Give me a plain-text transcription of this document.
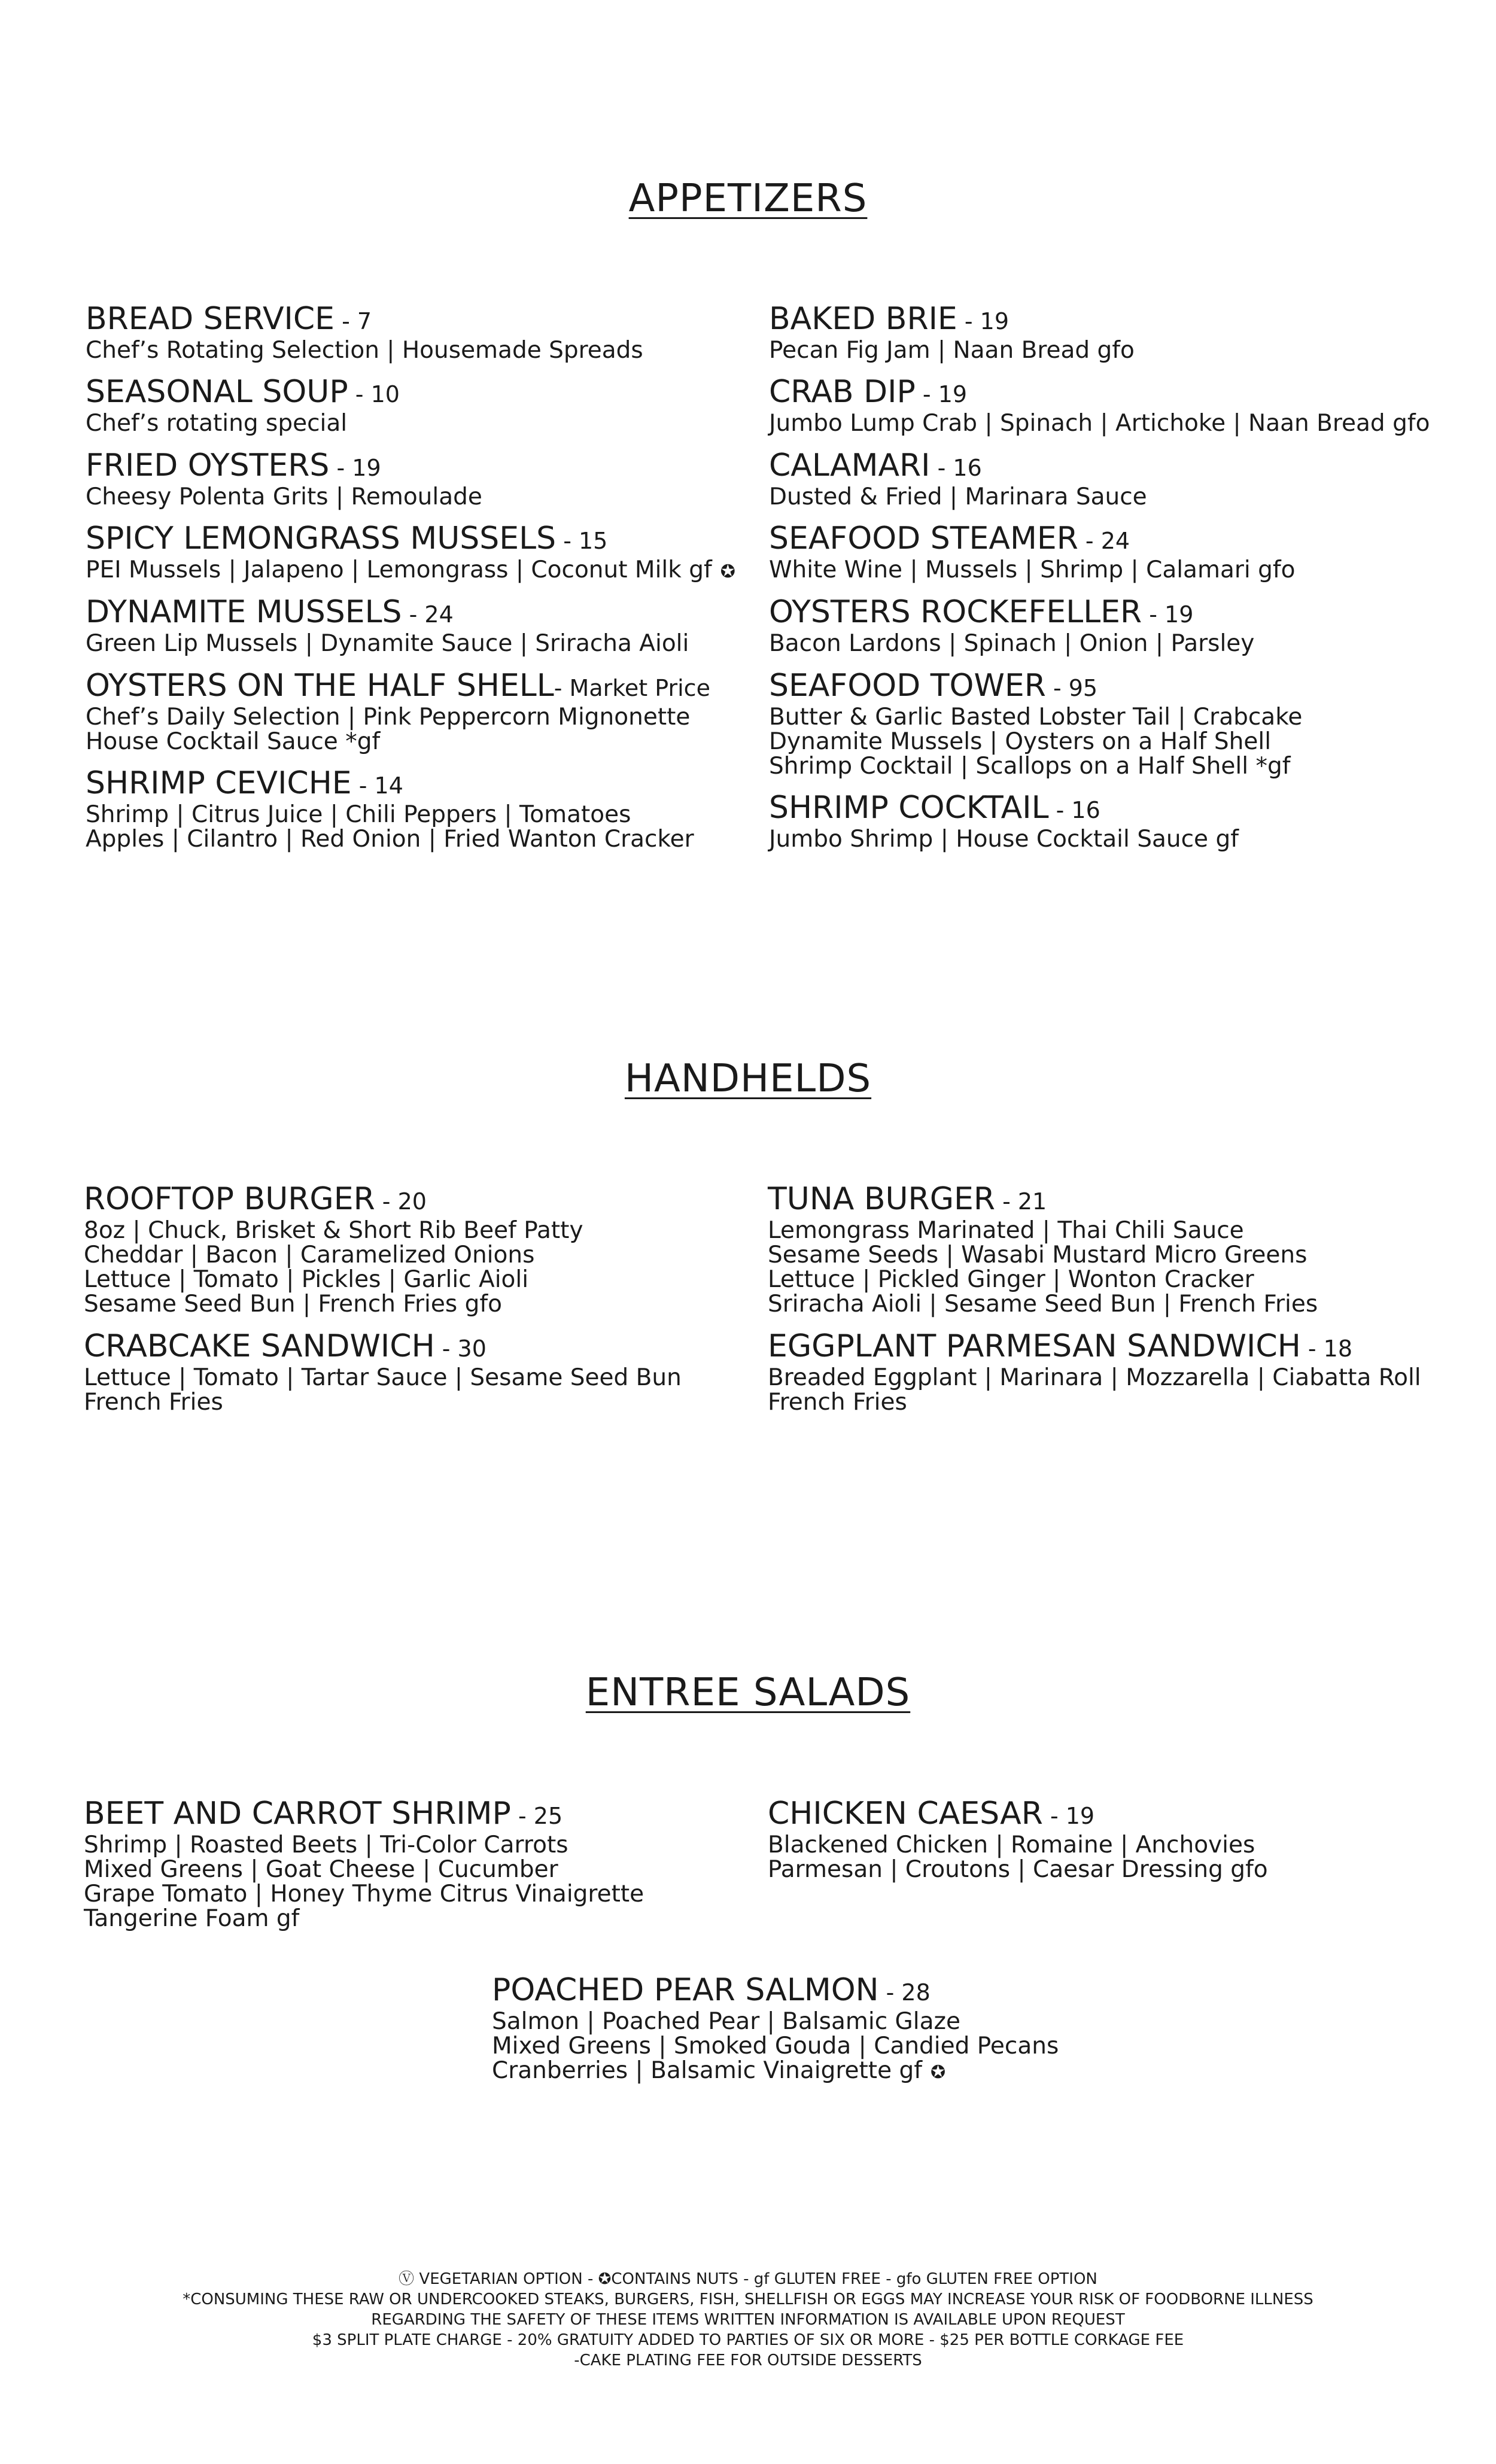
APPETIZERS
BREAD SERVICE - 7
Chef’s Rotating Selection | Housemade Spreads
SEASONAL SOUP - 10
Chef’s rotating special
FRIED OYSTERS - 19
Cheesy Polenta Grits | Remoulade
SPICY LEMONGRASS MUSSELS - 15
PEI Mussels | Jalapeno | Lemongrass | Coconut Milk gf ✪
DYNAMITE MUSSELS - 24
Green Lip Mussels | Dynamite Sauce | Sriracha Aioli
OYSTERS ON THE HALF SHELL- Market Price
Chef’s Daily Selection | Pink Peppercorn Mignonette
House Cocktail Sauce *gf
SHRIMP CEVICHE - 14
Shrimp | Citrus Juice | Chili Peppers | Tomatoes
Apples | Cilantro | Red Onion | Fried Wanton Cracker
BAKED BRIE - 19
Pecan Fig Jam | Naan Bread gfo
CRAB DIP - 19
Jumbo Lump Crab | Spinach | Artichoke | Naan Bread gfo
CALAMARI - 16
Dusted & Fried | Marinara Sauce
SEAFOOD STEAMER - 24
White Wine | Mussels | Shrimp | Calamari gfo
OYSTERS ROCKEFELLER - 19
Bacon Lardons | Spinach | Onion | Parsley
SEAFOOD TOWER - 95
Butter & Garlic Basted Lobster Tail | Crabcake
Dynamite Mussels | Oysters on a Half Shell
Shrimp Cocktail | Scallops on a Half Shell *gf
SHRIMP COCKTAIL - 16
Jumbo Shrimp | House Cocktail Sauce gf
HANDHELDS
ROOFTOP BURGER - 20
8oz | Chuck, Brisket & Short Rib Beef Patty
Cheddar | Bacon | Caramelized Onions
Lettuce | Tomato | Pickles | Garlic Aioli
Sesame Seed Bun | French Fries gfo
CRABCAKE SANDWICH - 30
Lettuce | Tomato | Tartar Sauce | Sesame Seed Bun
French Fries
TUNA BURGER - 21
Lemongrass Marinated | Thai Chili Sauce
Sesame Seeds | Wasabi Mustard Micro Greens
Lettuce | Pickled Ginger | Wonton Cracker
Sriracha Aioli | Sesame Seed Bun | French Fries
EGGPLANT PARMESAN SANDWICH - 18
Breaded Eggplant | Marinara | Mozzarella | Ciabatta Roll
French Fries
ENTREE SALADS
BEET AND CARROT SHRIMP - 25
Shrimp | Roasted Beets | Tri-Color Carrots
Mixed Greens | Goat Cheese | Cucumber
Grape Tomato | Honey Thyme Citrus Vinaigrette
Tangerine Foam gf
CHICKEN CAESAR - 19
Blackened Chicken | Romaine | Anchovies
Parmesan | Croutons | Caesar Dressing gfo
POACHED PEAR SALMON - 28
Salmon | Poached Pear | Balsamic Glaze
Mixed Greens | Smoked Gouda | Candied Pecans
Cranberries | Balsamic Vinaigrette gf ✪
Ⓥ VEGETARIAN OPTION - ✪CONTAINS NUTS - gf GLUTEN FREE - gfo GLUTEN FREE OPTION
*CONSUMING THESE RAW OR UNDERCOOKED STEAKS, BURGERS, FISH, SHELLFISH OR EGGS MAY INCREASE YOUR RISK OF FOODBORNE ILLNESS
REGARDING THE SAFETY OF THESE ITEMS WRITTEN INFORMATION IS AVAILABLE UPON REQUEST
$3 SPLIT PLATE CHARGE - 20% GRATUITY ADDED TO PARTIES OF SIX OR MORE - $25 PER BOTTLE CORKAGE FEE
-CAKE PLATING FEE FOR OUTSIDE DESSERTS
